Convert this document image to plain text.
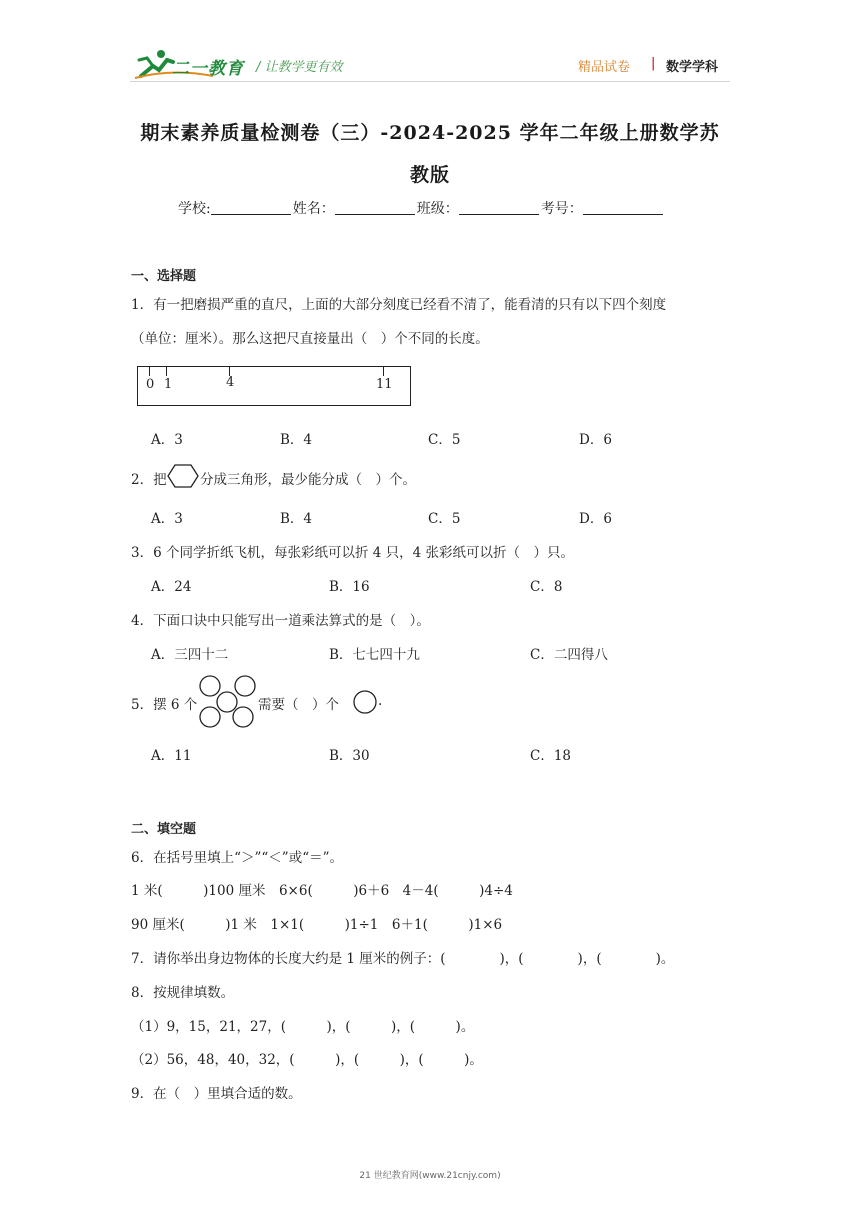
二一教育 / 让教学更有效	精品试卷 | 数学学科
期末素养质量检测卷（三）-2024-2025 学年二年级上册数学苏
教版
学校:	姓名：	班级：	考号：
一、选择题
1．有一把磨损严重的直尺，上面的大部分刻度已经看不清了，能看清的只有以下四个刻度
（单位：厘米）。那么这把尺直接量出（　）个不同的长度。
0 1	4	11
A．3	B．4	C．5	D．6
2．把 分成三角形，最少能分成（　）个。
A．3	B．4	C．5	D．6
3．6 个同学折纸飞机，每张彩纸可以折 4 只，4 张彩纸可以折（　）只。
A．24	B．16	C．8
4．下面口诀中只能写出一道乘法算式的是（　）。
A．三四十二	B．七七四十九	C．二四得八
5．摆 6 个	需要（　）个	.
A．11	B．30	C．18
二、填空题
6．在括号里填上“＞”“＜”或“＝”。
1 米(　　　)100 厘米　6×6(　　　)6＋6　4－4(　　　)4÷4
90 厘米(　　　)1 米　1×1(　　　)1÷1　6＋1(　　　)1×6
7．请你举出身边物体的长度大约是 1 厘米的例子：(　　　　)，(　　　　)，(　　　　)。
8．按规律填数。
（1）9，15，21，27，(　　　)，(　　　)，(　　　)。
（2）56，48，40，32，(　　　)，(　　　)，(　　　)。
9．在（　）里填合适的数。
21 世纪教育网(www.21cnjy.com)
